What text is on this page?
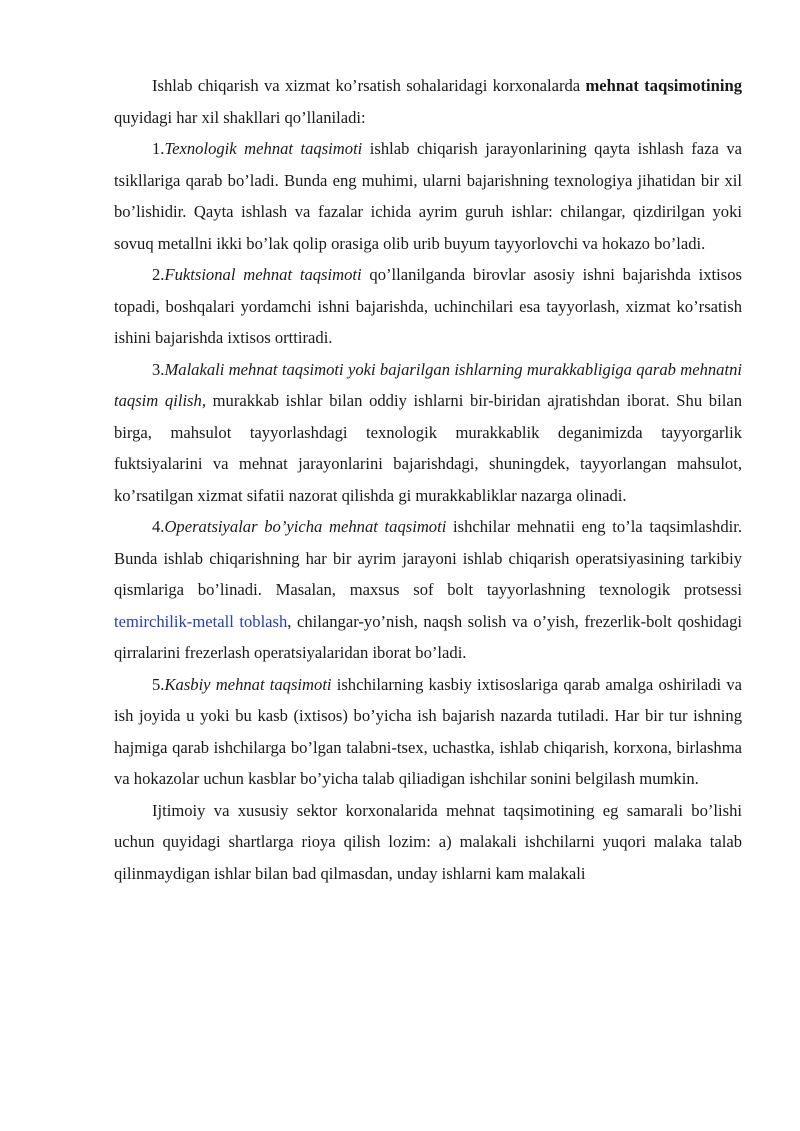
Ishlab chiqarish va xizmat ko’rsatish sohalaridagi korxonalarda mehnat taqsimotining quyidagi har xil shakllari qo’llaniladi:

1.Texnologik mehnat taqsimoti ishlab chiqarish jarayonlarining qayta ishlash faza va tsikllariga qarab bo’ladi. Bunda eng muhimi, ularni bajarishning texnologiya jihatidan bir xil bo’lishidir. Qayta ishlash va fazalar ichida ayrim guruh ishlar: chilangar, qizdirilgan yoki sovuq metallni ikki bo’lak qolip orasiga olib urib buyum tayyorlovchi va hokazo bo’ladi.

2.Fuktsional mehnat taqsimoti qo’llanilganda birovlar asosiy ishni bajarishda ixtisos topadi, boshqalari yordamchi ishni bajarishda, uchinchilari esa tayyorlash, xizmat ko’rsatish ishini bajarishda ixtisos orttiradi.

3.Malakali mehnat taqsimoti yoki bajarilgan ishlarning murakkabligiga qarab mehnatni taqsim qilish, murakkab ishlar bilan oddiy ishlarni bir-biridan ajratishdan iborat. Shu bilan birga, mahsulot tayyorlashdagi texnologik murakkablik deganimizda tayyorgarlik fuktsiyalarini va mehnat jarayonlarini bajarishdagi, shuningdek, tayyorlangan mahsulot, ko’rsatilgan xizmat sifatii nazorat qilishda gi murakkabliklar nazarga olinadi.

4.Operatsiyalar bo’yicha mehnat taqsimoti ishchilar mehnatii eng to’la taqsimlashdir. Bunda ishlab chiqarishning har bir ayrim jarayoni ishlab chiqarish operatsiyasining tarkibiy qismlariga bo’linadi. Masalan, maxsus sof bolt tayyorlashning texnologik protsessi temirchilik-metall toblash, chilangar-yo’nish, naqsh solish va o’yish, frezerlik-bolt qoshidagi qirralarini frezerlash operatsiyalaridan iborat bo’ladi.

5.Kasbiy mehnat taqsimoti ishchilarning kasbiy ixtisoslariga qarab amalga oshiriladi va ish joyida u yoki bu kasb (ixtisos) bo’yicha ish bajarish nazarda tutiladi. Har bir tur ishning hajmiga qarab ishchilarga bo’lgan talabni-tsex, uchastka, ishlab chiqarish, korxona, birlashma va hokazolar uchun kasblar bo’yicha talab qiliadigan ishchilar sonini belgilash mumkin.

Ijtimoiy va xususiy sektor korxonalarida mehnat taqsimotining eg samarali bo’lishi uchun quyidagi shartlarga rioya qilish lozim: a) malakali ishchilarni yuqori malaka talab qilinmaydigan ishlar bilan bad qilmasdan, unday ishlarni kam malakali
